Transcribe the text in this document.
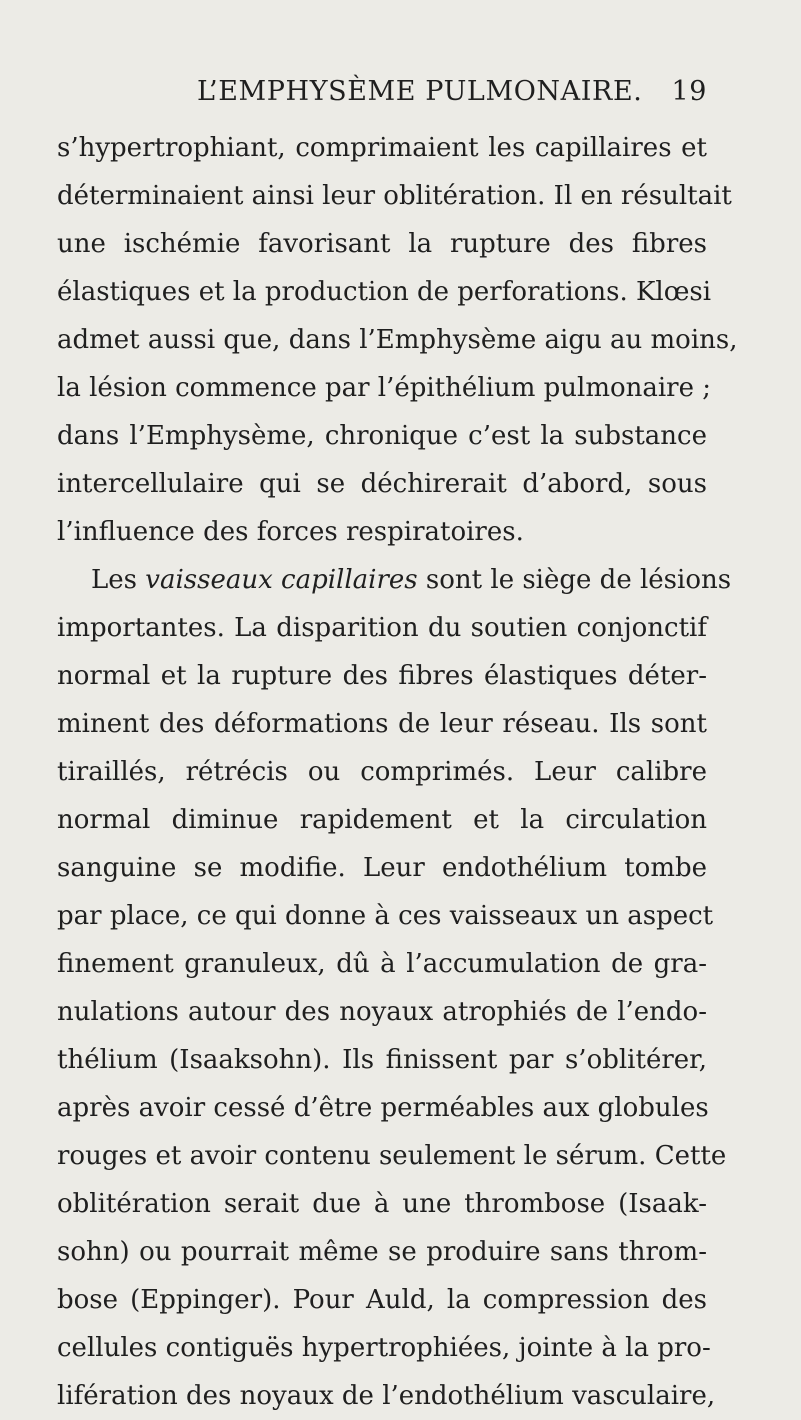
L’EMPHYSÈME PULMONAIRE. 19
s’hypertrophiant, comprimaient les capillaires et
déterminaient ainsi leur oblitération. Il en résultait
une ischémie favorisant la rupture des fibres
élastiques et la production de perforations. Klœsi
admet aussi que, dans l’Emphysème aigu au moins,
la lésion commence par l’épithélium pulmonaire ;
dans l’Emphysème, chronique c’est la substance
intercellulaire qui se déchirerait d’abord, sous
l’influence des forces respiratoires.
Les vaisseaux capillaires sont le siège de lésions
importantes. La disparition du soutien conjonctif
normal et la rupture des fibres élastiques déter-
minent des déformations de leur réseau. Ils sont
tiraillés, rétrécis ou comprimés. Leur calibre
normal diminue rapidement et la circulation
sanguine se modifie. Leur endothélium tombe
par place, ce qui donne à ces vaisseaux un aspect
finement granuleux, dû à l’accumulation de gra-
nulations autour des noyaux atrophiés de l’endo-
thélium (Isaaksohn). Ils finissent par s’oblitérer,
après avoir cessé d’être perméables aux globules
rouges et avoir contenu seulement le sérum. Cette
oblitération serait due à une thrombose (Isaak-
sohn) ou pourrait même se produire sans throm-
bose (Eppinger). Pour Auld, la compression des
cellules contiguës hypertrophiées, jointe à la pro-
lifération des noyaux de l’endothélium vasculaire,
